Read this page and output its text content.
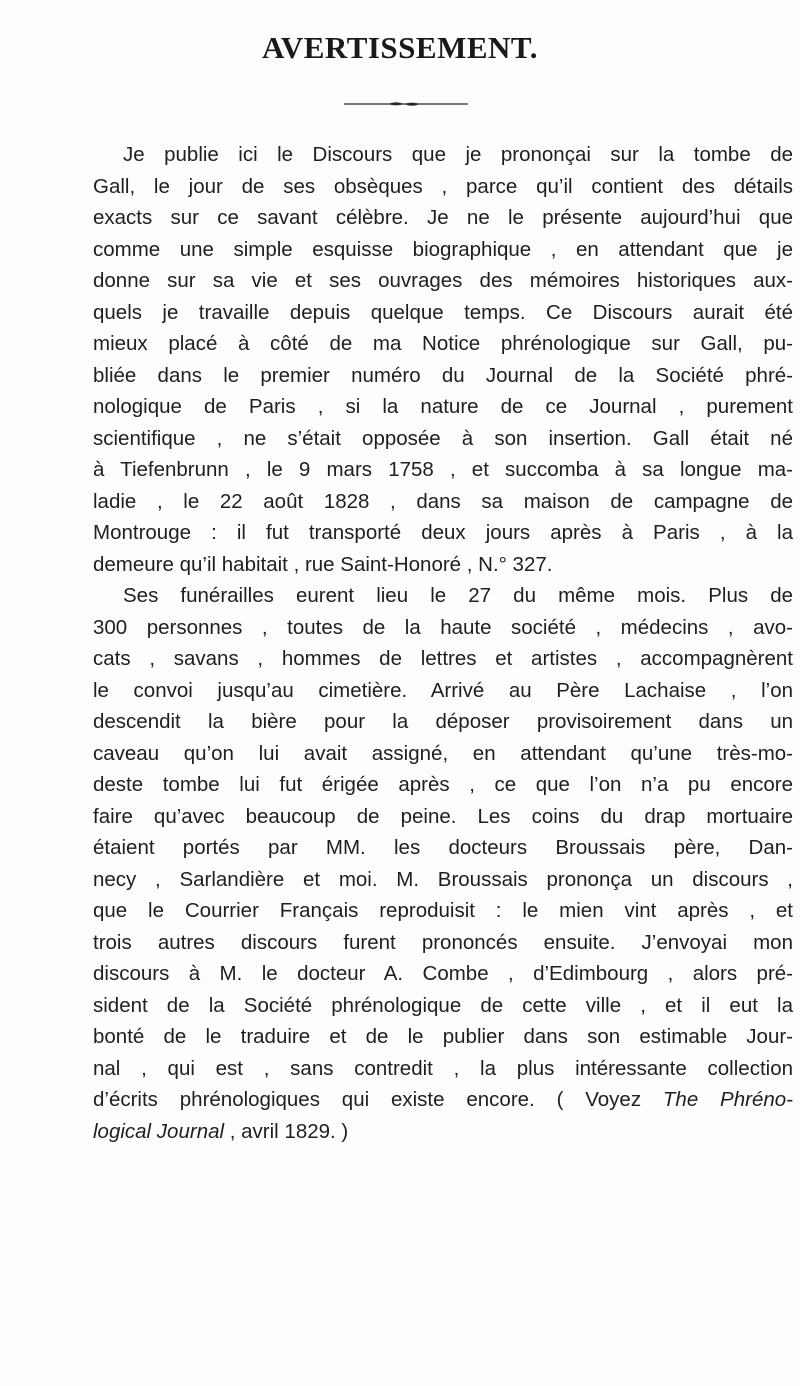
AVERTISSEMENT.
Je publie ici le Discours que je prononçai sur la tombe de
Gall, le jour de ses obsèques , parce qu’il contient des détails
exacts sur ce savant célèbre. Je ne le présente aujourd’hui que
comme une simple esquisse biographique , en attendant que je
donne sur sa vie et ses ouvrages des mémoires historiques aux-
quels je travaille depuis quelque temps. Ce Discours aurait été
mieux placé à côté de ma Notice phrénologique sur Gall, pu-
bliée dans le premier numéro du Journal de la Société phré-
nologique de Paris , si la nature de ce Journal , purement
scientifique , ne s’était opposée à son insertion. Gall était né
à Tiefenbrunn , le 9 mars 1758 , et succomba à sa longue ma-
ladie , le 22 août 1828 , dans sa maison de campagne de
Montrouge : il fut transporté deux jours après à Paris , à la
demeure qu’il habitait , rue Saint-Honoré , N.° 327.
Ses funérailles eurent lieu le 27 du même mois. Plus de
300 personnes , toutes de la haute société , médecins , avo-
cats , savans , hommes de lettres et artistes , accompagnèrent
le convoi jusqu’au cimetière. Arrivé au Père Lachaise , l’on
descendit la bière pour la déposer provisoirement dans un
caveau qu’on lui avait assigné, en attendant qu’une très-mo-
deste tombe lui fut érigée après , ce que l’on n’a pu encore
faire qu’avec beaucoup de peine. Les coins du drap mortuaire
étaient portés par MM. les docteurs Broussais père, Dan-
necy , Sarlandière et moi. M. Broussais prononça un discours ,
que le Courrier Français reproduisit : le mien vint après , et
trois autres discours furent prononcés ensuite. J’envoyai mon
discours à M. le docteur A. Combe , d’Edimbourg , alors pré-
sident de la Société phrénologique de cette ville , et il eut la
bonté de le traduire et de le publier dans son estimable Jour-
nal , qui est , sans contredit , la plus intéressante collection
d’écrits phrénologiques qui existe encore. ( Voyez The Phréno-
logical Journal , avril 1829. )
